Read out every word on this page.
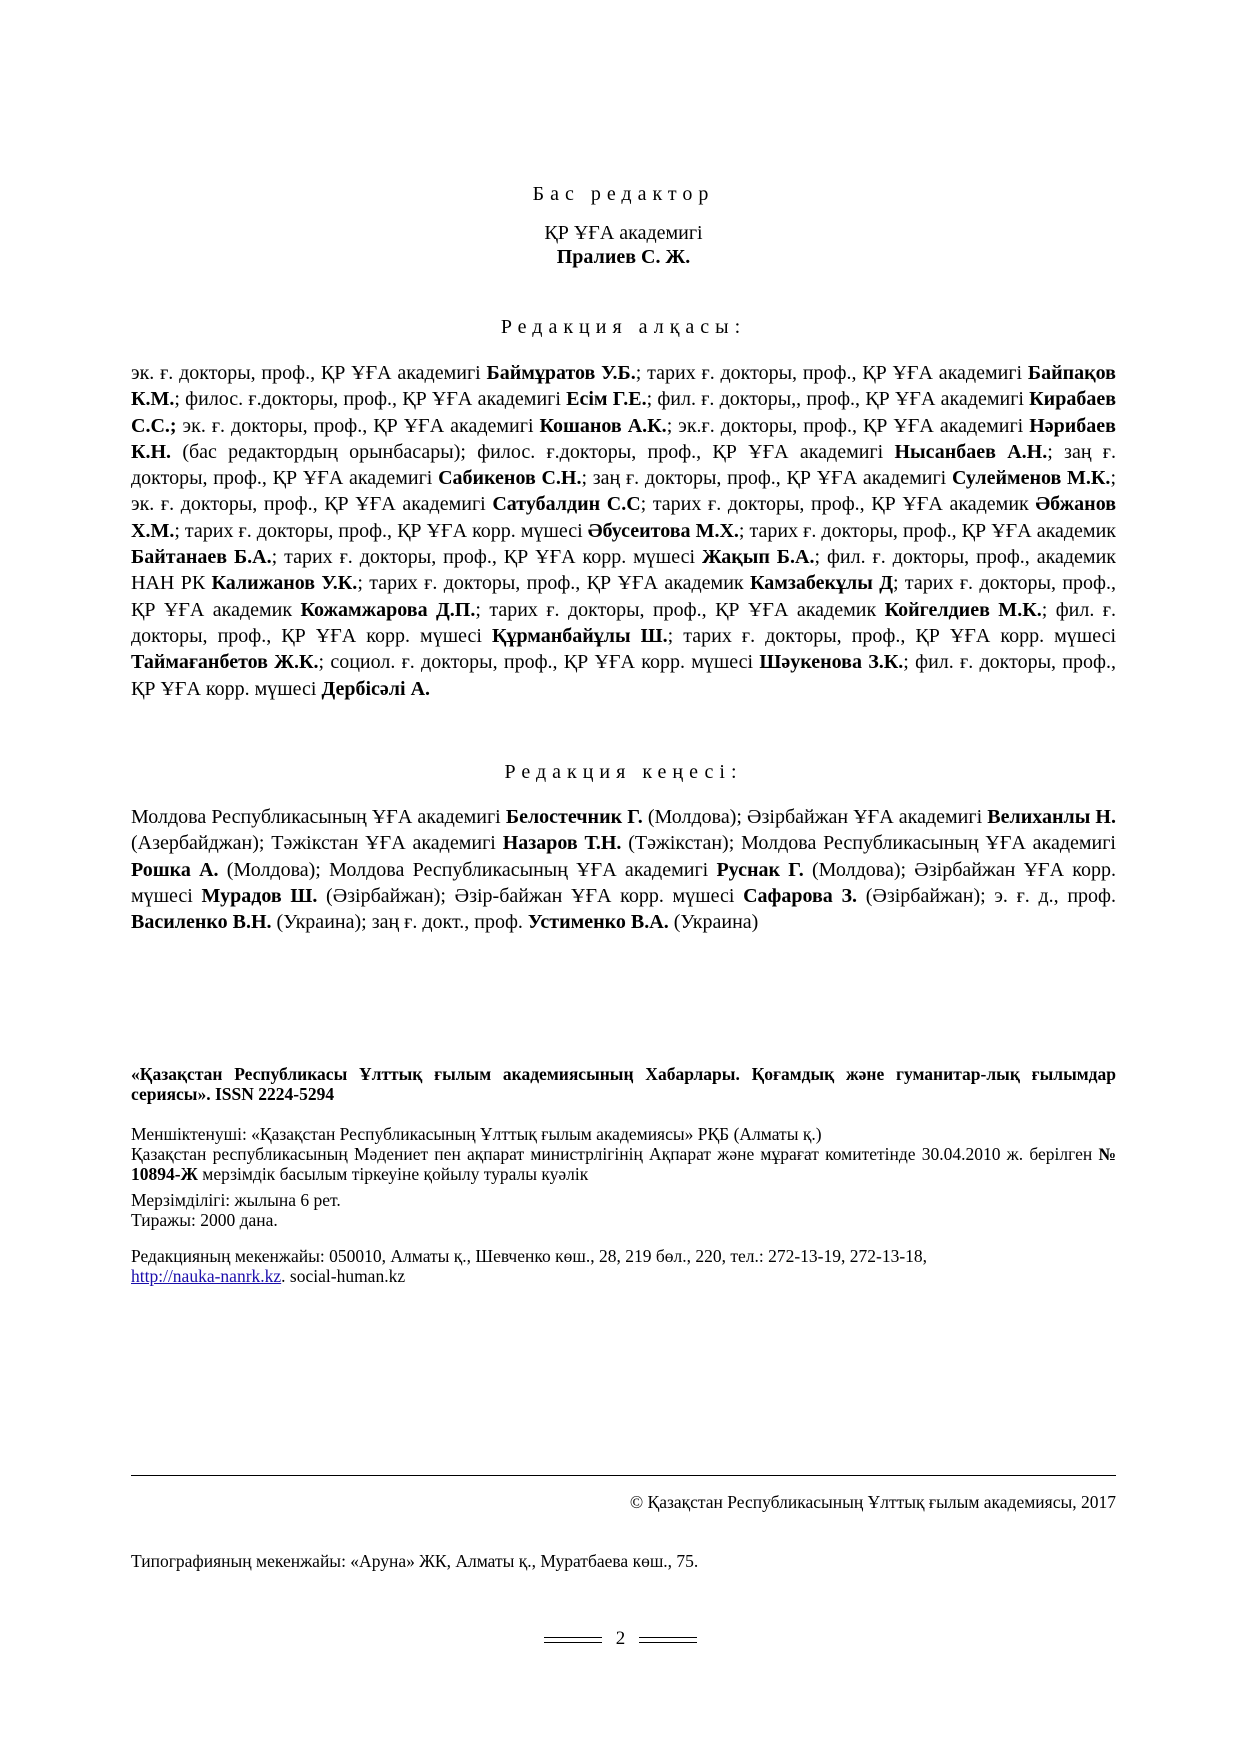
Бас редактор
ҚР ҰҒА академигі
Пралиев С. Ж.
Редакция алқасы:

эк. ғ. докторы, проф., ҚР ҰҒА академигі Баймұратов У.Б.; тарих ғ. докторы, проф., ҚР ҰҒА академигі Байпақов К.М.; филос. ғ.докторы, проф., ҚР ҰҒА академигі Есім Г.Е.; фил. ғ. докторы,, проф., ҚР ҰҒА академигі Кирабаев С.С.; эк. ғ. докторы, проф., ҚР ҰҒА академигі Кошанов А.К.; эк.ғ. докторы, проф., ҚР ҰҒА академигі Нәрибаев К.Н. (бас редактордың орынбасары); филос. ғ.докторы, проф., ҚР ҰҒА академигі Нысанбаев А.Н.; заң ғ. докторы, проф., ҚР ҰҒА академигі Сабикенов С.Н.; заң ғ. докторы, проф., ҚР ҰҒА академигі Сулейменов М.К.; эк. ғ. докторы, проф., ҚР ҰҒА академигі Сатубалдин С.С; тарих ғ. докторы, проф., ҚР ҰҒА академик Әбжанов Х.М.; тарих ғ. докторы, проф., ҚР ҰҒА корр. мүшесі Әбусеитова М.Х.; тарих ғ. докторы, проф., ҚР ҰҒА академик Байтанаев Б.А.; тарих ғ. докторы, проф., ҚР ҰҒА корр. мүшесі Жақып Б.А.; фил. ғ. докторы, проф., академик НАН РК Калижанов У.К.; тарих ғ. докторы, проф., ҚР ҰҒА академик Камзабекұлы Д; тарих ғ. докторы, проф., ҚР ҰҒА академик Кожамжарова Д.П.; тарих ғ. докторы, проф., ҚР ҰҒА академик Койгелдиев М.К.; фил. ғ. докторы, проф., ҚР ҰҒА корр. мүшесі Құрманбайұлы Ш.; тарих ғ. докторы, проф., ҚР ҰҒА корр. мүшесі Таймағанбетов Ж.К.; социол. ғ. докторы, проф., ҚР ҰҒА корр. мүшесі Шәукенова З.К.; фил. ғ. докторы, проф., ҚР ҰҒА корр. мүшесі Дербісәлі А.

Редакция кеңесі:

Молдова Республикасының ҰҒА академигі Белостечник Г. (Молдова); Әзірбайжан ҰҒА академигі Велиханлы Н. (Азербайджан); Тәжікстан ҰҒА академигі Назаров Т.Н. (Тәжікстан); Молдова Республикасының ҰҒА академигі Рошка А. (Молдова); Молдова Республикасының ҰҒА академигі Руснак Г. (Молдова); Әзірбайжан ҰҒА корр. мүшесі Мурадов Ш. (Әзірбайжан); Әзір-байжан ҰҒА корр. мүшесі Сафарова З. (Әзірбайжан); э. ғ. д., проф. Василенко В.Н. (Украина); заң ғ. докт., проф. Устименко В.А. (Украина)

«Қазақстан Республикасы Ұлттық ғылым академиясының Хабарлары. Қоғамдық және гуманитар-лық ғылымдар сериясы». ISSN 2224-5294

Меншіктенуші: «Қазақстан Республикасының Ұлттық ғылым академиясы» РҚБ (Алматы қ.)

Қазақстан республикасының Мәдениет пен ақпарат министрлігінің Ақпарат және мұрағат комитетінде 30.04.2010 ж. берілген № 10894-Ж мерзімдік басылым тіркеуіне қойылу туралы куәлік

Мерзімділігі: жылына 6 рет.

Тиражы: 2000 дана.

Редакцияның мекенжайы: 050010, Алматы қ., Шевченко көш., 28, 219 бөл., 220, тел.: 272-13-19, 272-13-18,

http://nauka-nanrk.kz. social-human.kz

© Қазақстан Республикасының Ұлттық ғылым академиясы, 2017

Типографияның мекенжайы: «Аруна» ЖК, Алматы қ., Муратбаева көш., 75.

2
